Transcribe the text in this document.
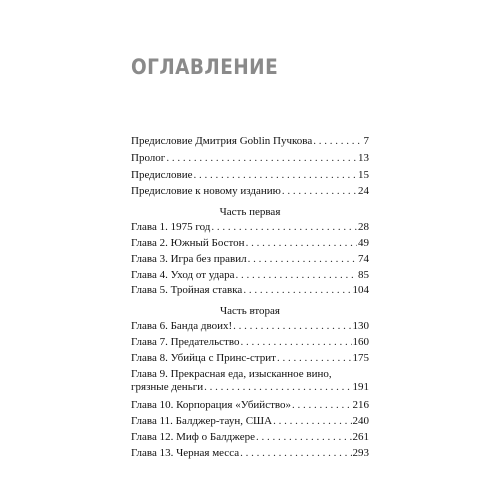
ОГЛАВЛЕНИЕ
Предисловие Дмитрия Goblin Пучкова . . .	7
Пролог . . .	13
Предисловие . . .	15
Предисловие к новому изданию . . .	24
Часть первая
Глава 1. 1975 год . . .	28
Глава 2. Южный Бостон . . .	49
Глава 3. Игра без правил . . .	74
Глава 4. Уход от удара . . .	85
Глава 5. Тройная ставка . . .	104
Часть вторая
Глава 6. Банда двоих! . . .	130
Глава 7. Предательство . . .	160
Глава 8. Убийца с Принс-стрит . . .	175
Глава 9. Прекрасная еда, изысканное вино,
грязные деньги . . .	191
Глава 10. Корпорация «Убийство» . . .	216
Глава 11. Балджер-таун, США . . .	240
Глава 12. Миф о Балджере . . .	261
Глава 13. Черная месса . . .	293
